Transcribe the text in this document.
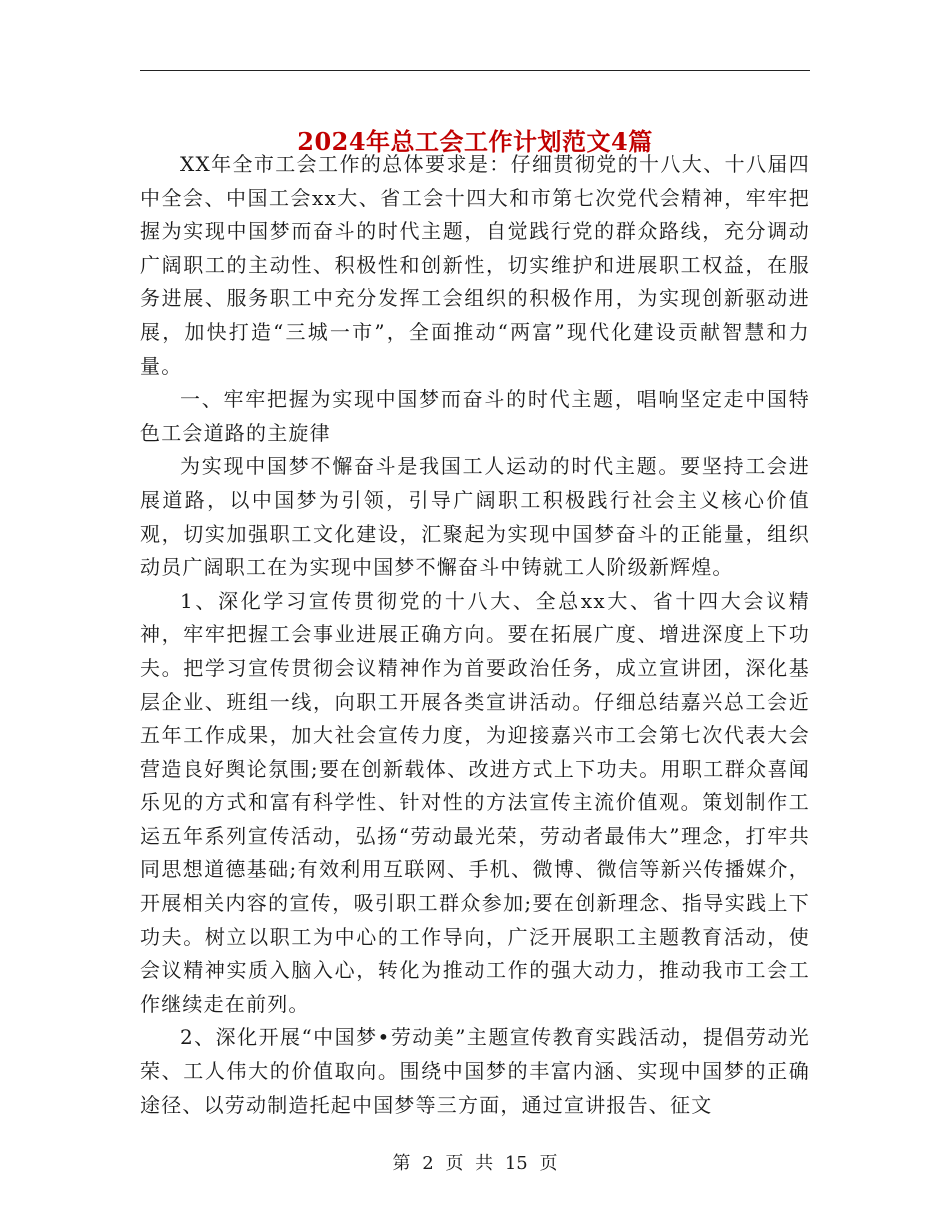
2024年总工会工作计划范文4篇

XX年全市工会工作的总体要求是：仔细贯彻党的十八大、十八届四中全会、中国工会xx大、省工会十四大和市第七次党代会精神，牢牢把握为实现中国梦而奋斗的时代主题，自觉践行党的群众路线，充分调动广阔职工的主动性、积极性和创新性，切实维护和进展职工权益，在服务进展、服务职工中充分发挥工会组织的积极作用，为实现创新驱动进展，加快打造“三城一市”，全面推动“两富”现代化建设贡献智慧和力量。

一、牢牢把握为实现中国梦而奋斗的时代主题，唱响坚定走中国特色工会道路的主旋律

为实现中国梦不懈奋斗是我国工人运动的时代主题。要坚持工会进展道路，以中国梦为引领，引导广阔职工积极践行社会主义核心价值观，切实加强职工文化建设，汇聚起为实现中国梦奋斗的正能量，组织动员广阔职工在为实现中国梦不懈奋斗中铸就工人阶级新辉煌。

1、深化学习宣传贯彻党的十八大、全总xx大、省十四大会议精神，牢牢把握工会事业进展正确方向。要在拓展广度、增进深度上下功夫。把学习宣传贯彻会议精神作为首要政治任务，成立宣讲团，深化基层企业、班组一线，向职工开展各类宣讲活动。仔细总结嘉兴总工会近五年工作成果，加大社会宣传力度，为迎接嘉兴市工会第七次代表大会营造良好舆论氛围;要在创新载体、改进方式上下功夫。用职工群众喜闻乐见的方式和富有科学性、针对性的方法宣传主流价值观。策划制作工运五年系列宣传活动，弘扬“劳动最光荣，劳动者最伟大”理念，打牢共同思想道德基础;有效利用互联网、手机、微博、微信等新兴传播媒介，开展相关内容的宣传，吸引职工群众参加;要在创新理念、指导实践上下功夫。树立以职工为中心的工作导向，广泛开展职工主题教育活动，使会议精神实质入脑入心，转化为推动工作的强大动力，推动我市工会工作继续走在前列。

2、深化开展“中国梦•劳动美”主题宣传教育实践活动，提倡劳动光荣、工人伟大的价值取向。围绕中国梦的丰富内涵、实现中国梦的正确途径、以劳动制造托起中国梦等三方面，通过宣讲报告、征文

第 2 页 共 15 页
